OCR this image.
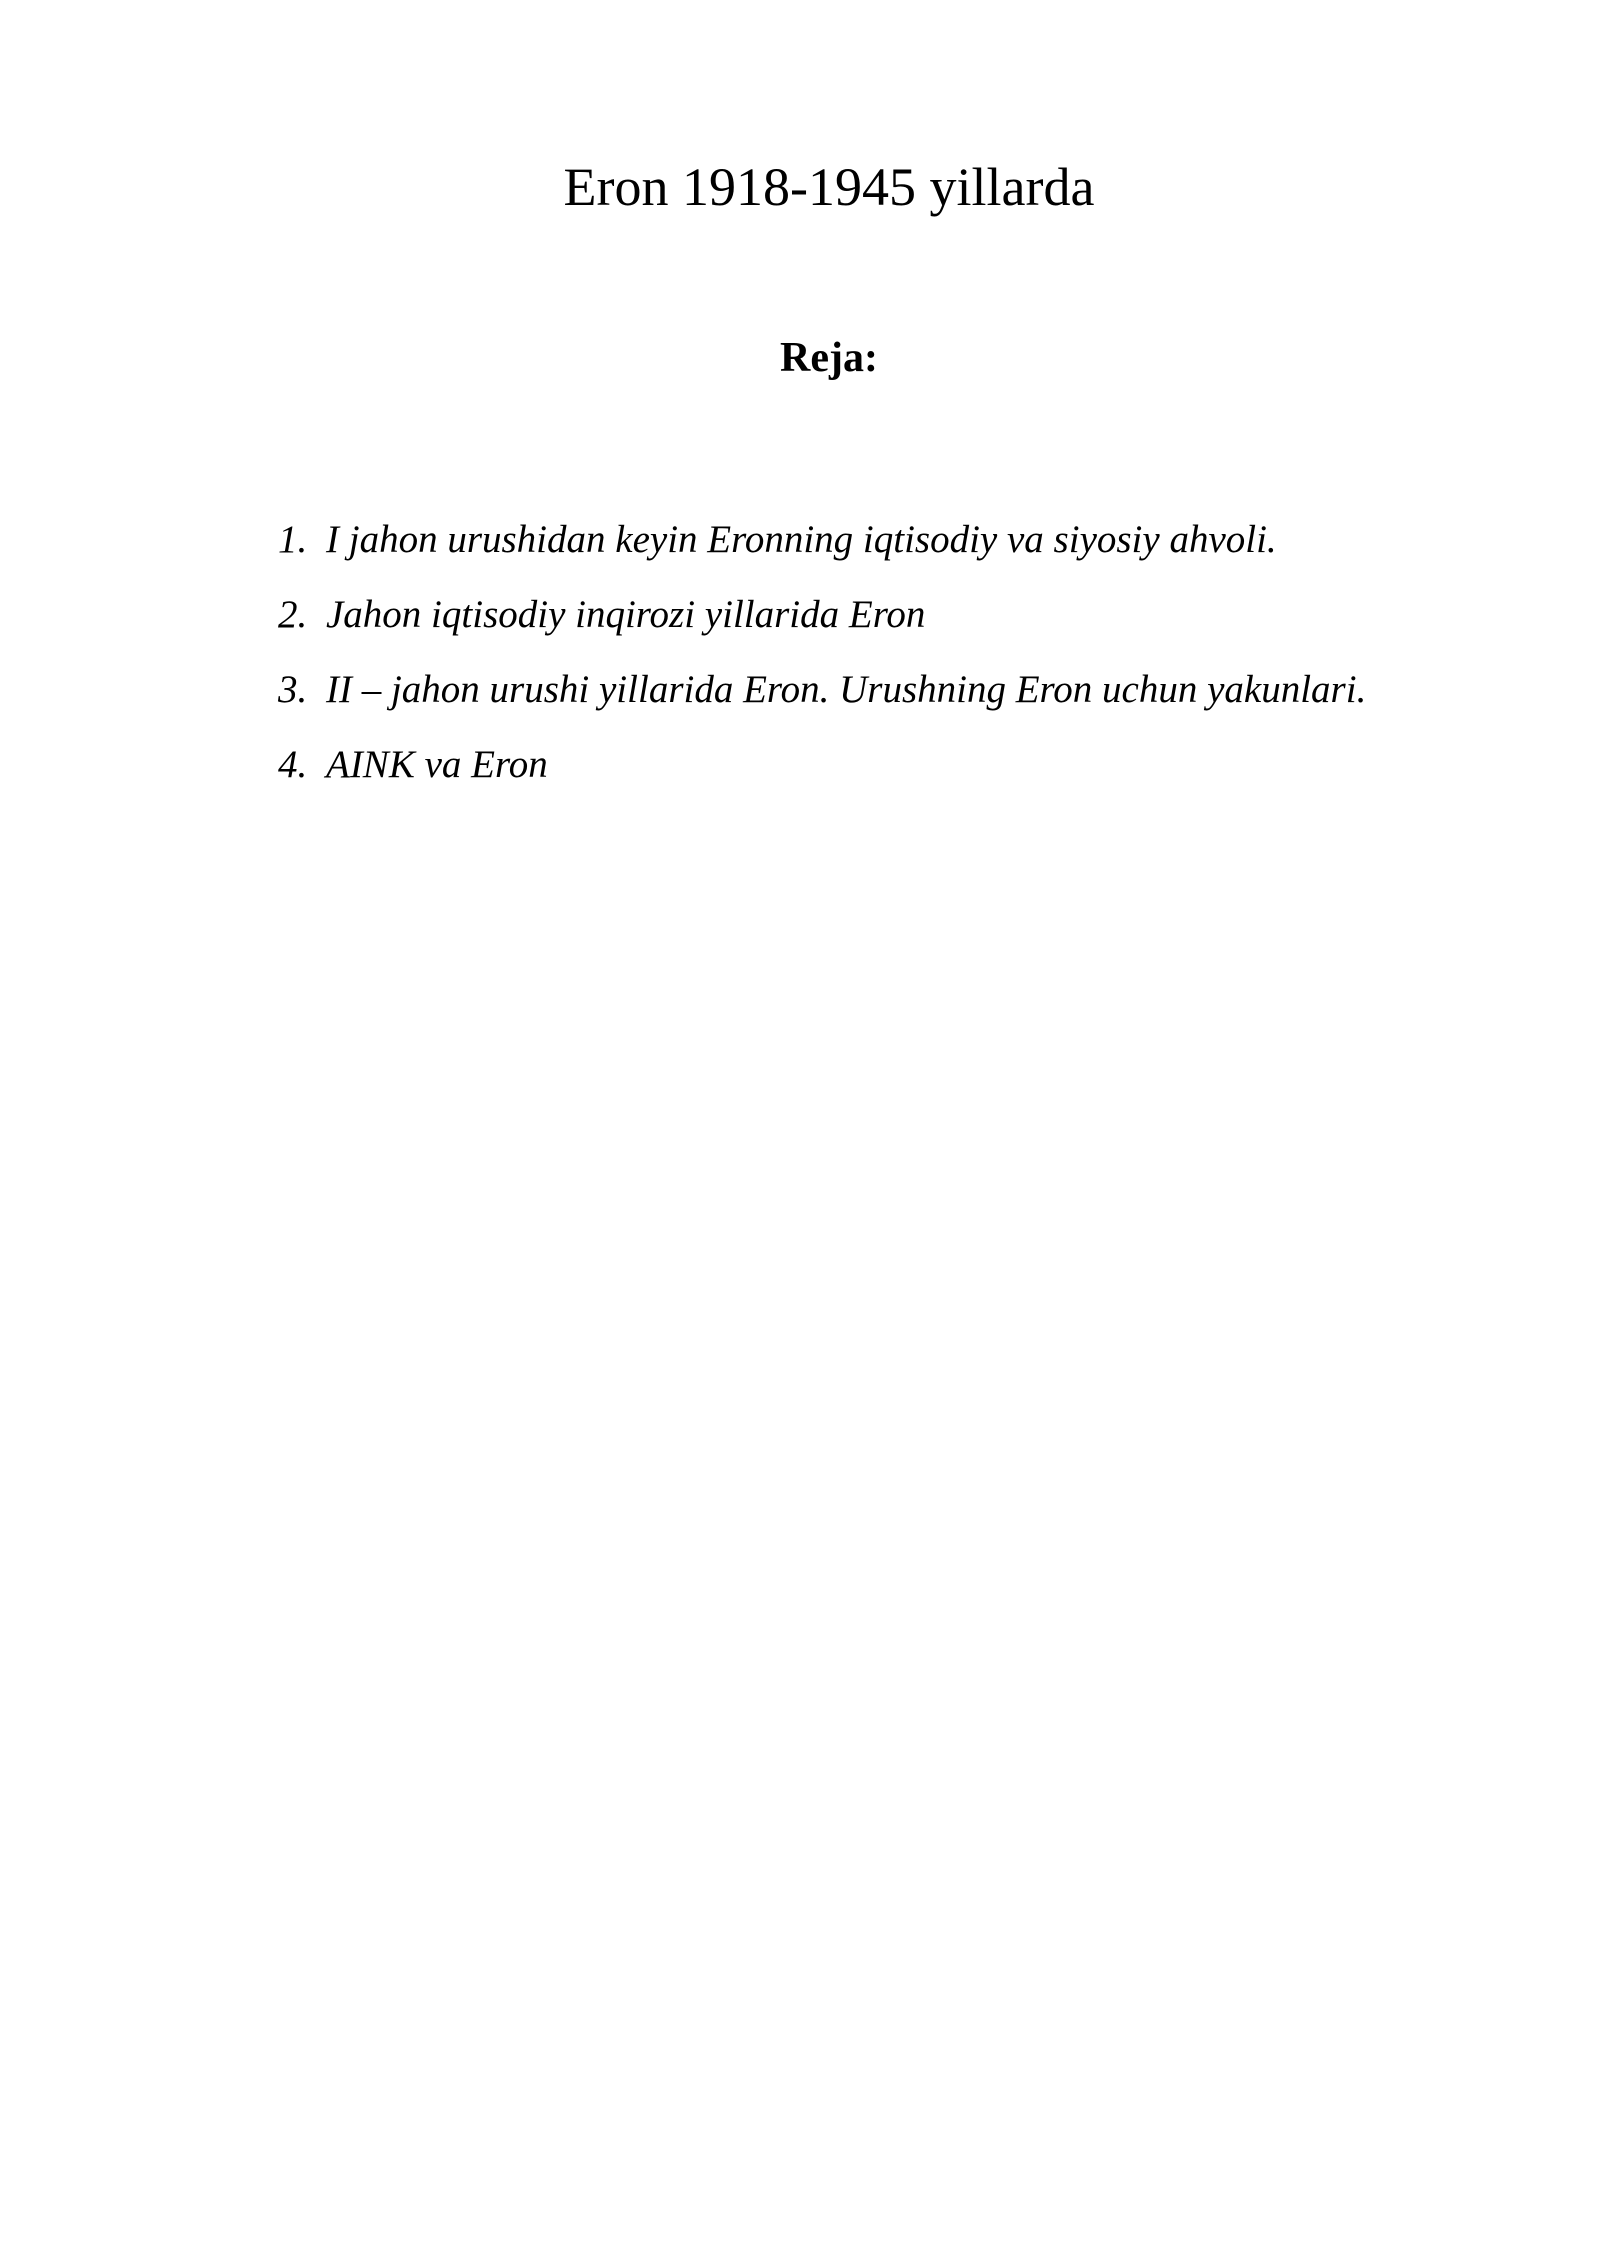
Eron 1918-1945 yillarda
Reja:
1. I jahon urushidan keyin Eronning iqtisodiy va siyosiy ahvoli.
2. Jahon iqtisodiy inqirozi yillarida Eron
3. II – jahon urushi yillarida Eron. Urushning Eron uchun yakunlari.
4. AINK va Eron
